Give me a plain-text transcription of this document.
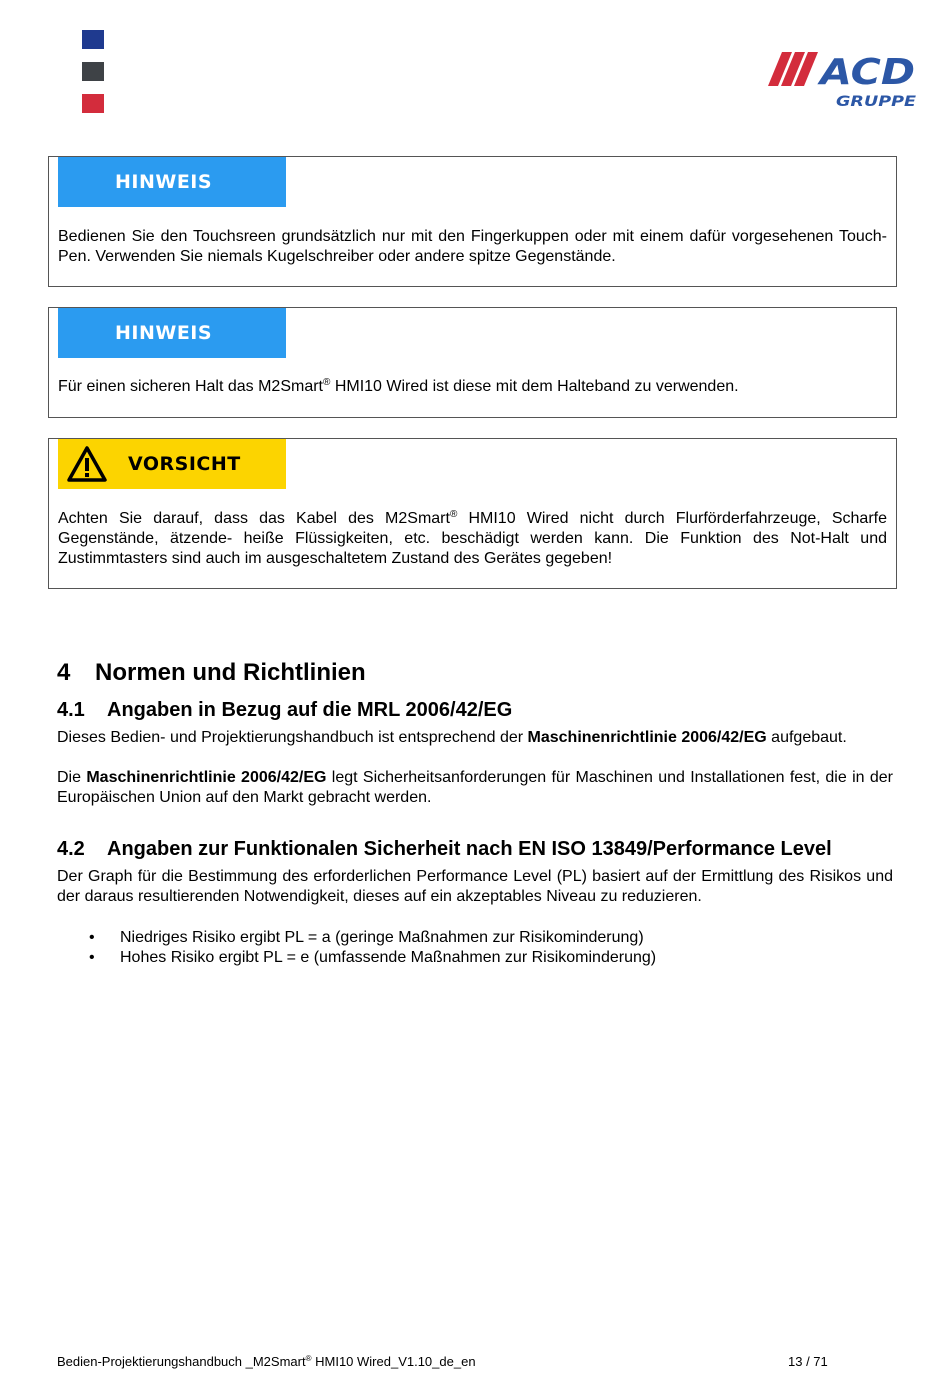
ACD
GRUPPE
HINWEIS

Bedienen Sie den Touchsreen grundsätzlich nur mit den Fingerkuppen oder mit einem dafür vorgesehenen Touch-Pen. Verwenden Sie niemals Kugelschreiber oder andere spitze Gegenstände.

HINWEIS

Für einen sicheren Halt das M2Smart® HMI10 Wired ist diese mit dem Halteband zu verwenden.

VORSICHT

Achten Sie darauf, dass das Kabel des M2Smart® HMI10 Wired nicht durch Flurförderfahrzeuge, Scharfe Gegenstände, ätzende- heiße Flüssigkeiten, etc. beschädigt werden kann. Die Funktion des Not-Halt und Zustimmtasters sind auch im ausgeschaltetem Zustand des Gerätes gegeben!

4 Normen und Richtlinien
4.1 Angaben in Bezug auf die MRL 2006/42/EG

Dieses Bedien- und Projektierungshandbuch ist entsprechend der Maschinenrichtlinie 2006/42/EG aufgebaut.

Die Maschinenrichtlinie 2006/42/EG legt Sicherheitsanforderungen für Maschinen und Installationen fest, die in der Europäischen Union auf den Markt gebracht werden.

4.2 Angaben zur Funktionalen Sicherheit nach EN ISO 13849/Performance Level

Der Graph für die Bestimmung des erforderlichen Performance Level (PL) basiert auf der Ermittlung des Risikos und der daraus resultierenden Notwendigkeit, dieses auf ein akzeptables Niveau zu reduzieren.

• Niedriges Risiko ergibt PL = a (geringe Maßnahmen zur Risikominderung)
• Hohes Risiko ergibt PL = e (umfassende Maßnahmen zur Risikominderung)
Bedien-Projektierungshandbuch _M2Smart® HMI10 Wired_V1.10_de_en	13 / 71
